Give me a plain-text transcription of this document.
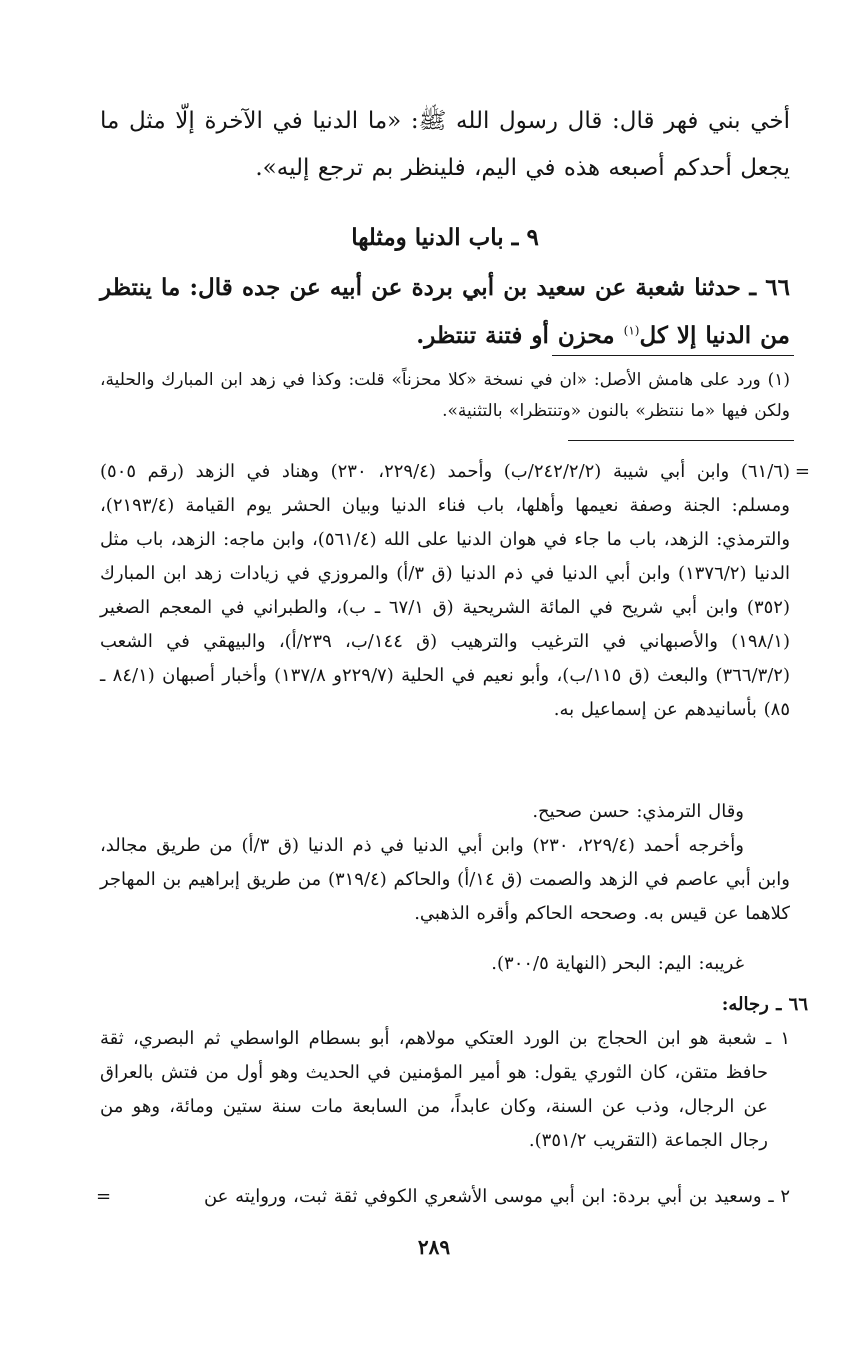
أخي بني فهر قال: قال رسول الله ﷺ: «ما الدنيا في الآخرة إلّا مثل ما يجعل أحدكم أصبعه هذه في اليم، فلينظر بم ترجع إليه».
٩ ـ باب الدنيا ومثلها
٦٦ ـ حدثنا شعبة عن سعيد بن أبي بردة عن أبيه عن جده قال: ما ينتظر من الدنيا إلا كل$^{(١)}$ محزن أو فتنة تنتظر.
(١) ورد على هامش الأصل: «ان في نسخة «كلا محزناً» قلت: وكذا في زهد ابن المبارك والحلية، ولكن فيها «ما ننتظر» بالنون «وتنتظرا» بالتثنية».
=
(٦١/٦) وابن أبي شيبة (٢٤٢/٢/٢/ب) وأحمد (٢٢٩/٤، ٢٣٠) وهناد في الزهد (رقم ٥٠٥) ومسلم: الجنة وصفة نعيمها وأهلها، باب فناء الدنيا وبيان الحشر يوم القيامة (٢١٩٣/٤)، والترمذي: الزهد، باب ما جاء في هوان الدنيا على الله (٥٦١/٤)، وابن ماجه: الزهد، باب مثل الدنيا (١٣٧٦/٢) وابن أبي الدنيا في ذم الدنيا (ق ٣/أ) والمروزي في زيادات زهد ابن المبارك (٣٥٢) وابن أبي شريح في المائة الشريحية (ق ٦٧/١ ـ ب)، والطبراني في المعجم الصغير (١٩٨/١) والأصبهاني في الترغيب والترهيب (ق ١٤٤/ب، ٢٣٩/أ)، والبيهقي في الشعب (٣٦٦/٣/٢) والبعث (ق ١١٥/ب)، وأبو نعيم في الحلية (٢٢٩/٧و ١٣٧/٨) وأخبار أصبهان (٨٤/١ ـ ٨٥) بأسانيدهم عن إسماعيل به.
وقال الترمذي: حسن صحيح.
وأخرجه أحمد (٢٢٩/٤، ٢٣٠) وابن أبي الدنيا في ذم الدنيا (ق ٣/أ) من طريق مجالد، وابن أبي عاصم في الزهد والصمت (ق ١٤/أ) والحاكم (٣١٩/٤) من طريق إبراهيم بن المهاجر كلاهما عن قيس به. وصححه الحاكم وأقره الذهبي.
غريبه: اليم: البحر (النهاية ٣٠٠/٥).
٦٦ ـ رجاله:
١ ـ شعبة هو ابن الحجاج بن الورد العتكي مولاهم، أبو بسطام الواسطي ثم البصري، ثقة حافظ متقن، كان الثوري يقول: هو أمير المؤمنين في الحديث وهو أول من فتش بالعراق عن الرجال، وذب عن السنة، وكان عابداً، من السابعة مات سنة ستين ومائة، وهو من رجال الجماعة (التقريب ٣٥١/٢).
٢ ـ وسعيد بن أبي بردة: ابن أبي موسى الأشعري الكوفي ثقة ثبت، وروايته عن
=
٢٨٩
